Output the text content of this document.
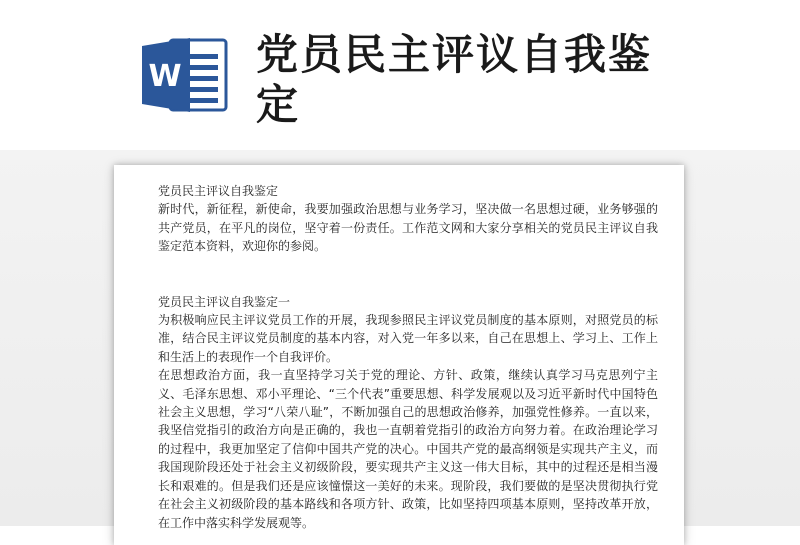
W 党员民主评议自我鉴定

党员民主评议自我鉴定

新时代，新征程，新使命，我要加强政治思想与业务学习，坚决做一名思想过硬，业务够强的共产党员，在平凡的岗位，坚守着一份责任。工作范文网和大家分享相关的党员民主评议自我鉴定范本资料，欢迎你的参阅。

党员民主评议自我鉴定一

为积极响应民主评议党员工作的开展，我现参照民主评议党员制度的基本原则，对照党员的标准，结合民主评议党员制度的基本内容，对入党一年多以来，自己在思想上、学习上、工作上和生活上的表现作一个自我评价。

在思想政治方面，我一直坚持学习关于党的理论、方针、政策，继续认真学习马克思列宁主义、毛泽东思想、邓小平理论、“三个代表”重要思想、科学发展观以及习近平新时代中国特色社会主义思想，学习“八荣八耻”，不断加强自己的思想政治修养，加强党性修养。一直以来，我坚信党指引的政治方向是正确的，我也一直朝着党指引的政治方向努力着。在政治理论学习的过程中，我更加坚定了信仰中国共产党的决心。中国共产党的最高纲领是实现共产主义，而我国现阶段还处于社会主义初级阶段，要实现共产主义这一伟大目标，其中的过程还是相当漫长和艰难的。但是我们还是应该憧憬这一美好的未来。现阶段，我们要做的是坚决贯彻执行党在社会主义初级阶段的基本路线和各项方针、政策，比如坚持四项基本原则，坚持改革开放，在工作中落实科学发展观等。
